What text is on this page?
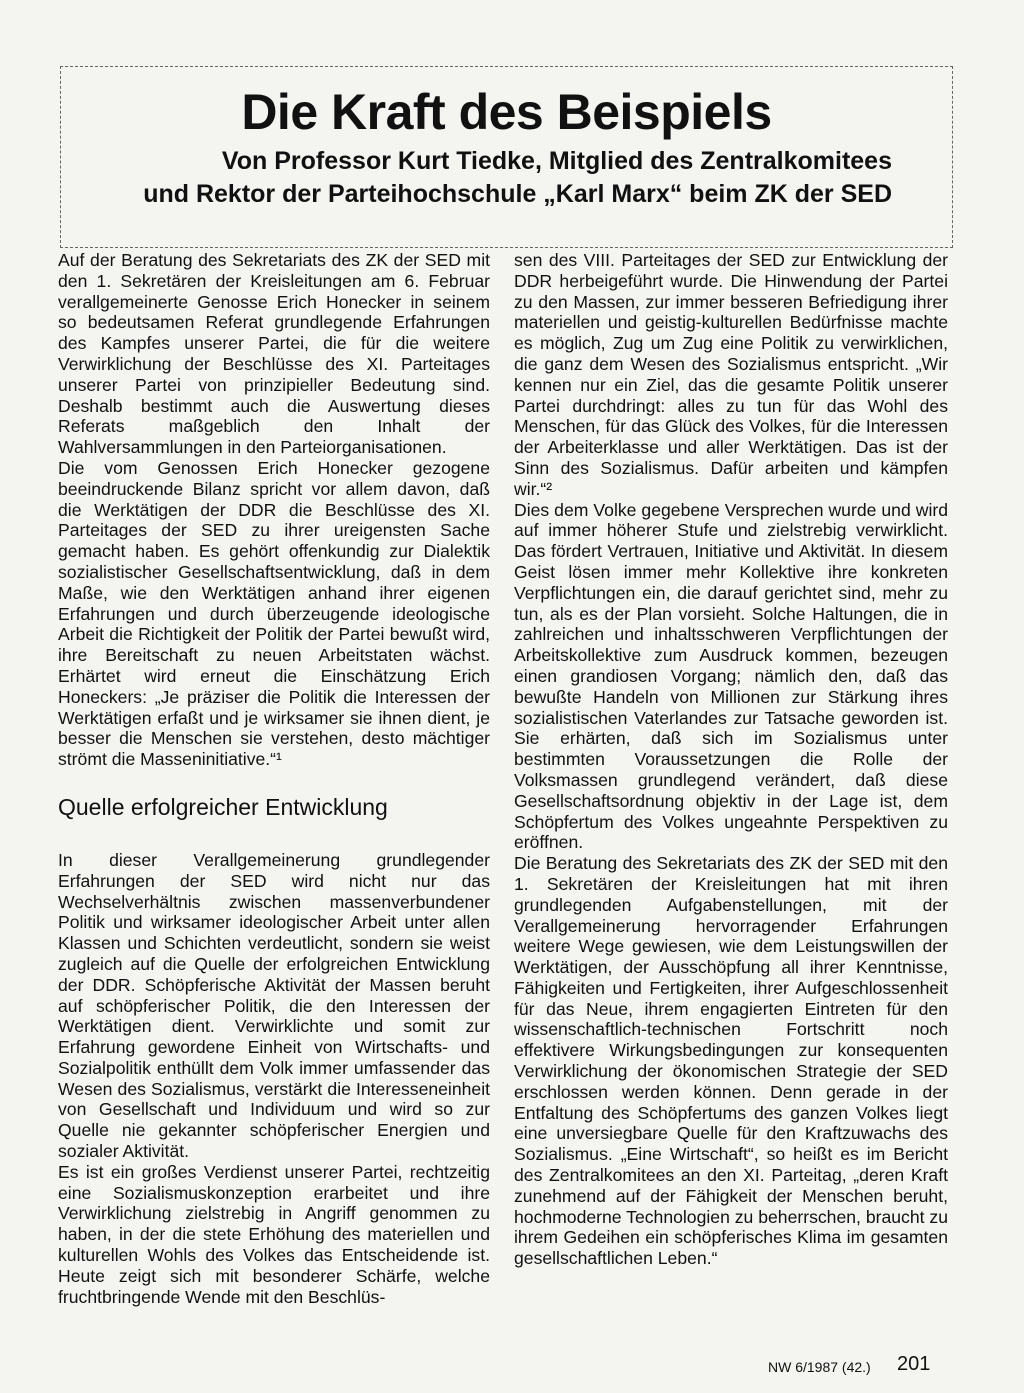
Die Kraft des Beispiels
Von Professor Kurt Tiedke, Mitglied des Zentralkomitees
und Rektor der Parteihochschule „Karl Marx“ beim ZK der SED

Auf der Beratung des Sekretariats des ZK der SED mit den 1. Sekretären der Kreisleitungen am 6. Februar verallgemeinerte Genosse Erich Honecker in seinem so bedeutsamen Referat grundlegende Erfahrungen des Kampfes unserer Partei, die für die weitere Verwirklichung der Beschlüsse des XI. Parteitages unserer Partei von prinzipieller Bedeutung sind. Deshalb bestimmt auch die Auswertung dieses Referats maßgeblich den Inhalt der Wahlversammlungen in den Parteiorganisationen.

Die vom Genossen Erich Honecker gezogene beeindruckende Bilanz spricht vor allem davon, daß die Werktätigen der DDR die Beschlüsse des XI. Parteitages der SED zu ihrer ureigensten Sache gemacht haben. Es gehört offenkundig zur Dialektik sozialistischer Gesellschaftsentwicklung, daß in dem Maße, wie den Werktätigen anhand ihrer eigenen Erfahrungen und durch überzeugende ideologische Arbeit die Richtigkeit der Politik der Partei bewußt wird, ihre Bereitschaft zu neuen Arbeitstaten wächst. Erhärtet wird erneut die Einschätzung Erich Honeckers: „Je präziser die Politik die Interessen der Werktätigen erfaßt und je wirksamer sie ihnen dient, je besser die Menschen sie verstehen, desto mächtiger strömt die Masseninitiative.“¹

Quelle erfolgreicher Entwicklung

In dieser Verallgemeinerung grundlegender Erfahrungen der SED wird nicht nur das Wechselverhältnis zwischen massenverbundener Politik und wirksamer ideologischer Arbeit unter allen Klassen und Schichten verdeutlicht, sondern sie weist zugleich auf die Quelle der erfolgreichen Entwicklung der DDR. Schöpferische Aktivität der Massen beruht auf schöpferischer Politik, die den Interessen der Werktätigen dient. Verwirklichte und somit zur Erfahrung gewordene Einheit von Wirtschafts- und Sozialpolitik enthüllt dem Volk immer umfassender das Wesen des Sozialismus, verstärkt die Interesseneinheit von Gesellschaft und Individuum und wird so zur Quelle nie gekannter schöpferischer Energien und sozialer Aktivität.

Es ist ein großes Verdienst unserer Partei, rechtzeitig eine Sozialismuskonzeption erarbeitet und ihre Verwirklichung zielstrebig in Angriff genommen zu haben, in der die stete Erhöhung des materiellen und kulturellen Wohls des Volkes das Entscheidende ist. Heute zeigt sich mit besonderer Schärfe, welche fruchtbringende Wende mit den Beschlüs-

sen des VIII. Parteitages der SED zur Entwicklung der DDR herbeigeführt wurde. Die Hinwendung der Partei zu den Massen, zur immer besseren Befriedigung ihrer materiellen und geistig-kulturellen Bedürfnisse machte es möglich, Zug um Zug eine Politik zu verwirklichen, die ganz dem Wesen des Sozialismus entspricht. „Wir kennen nur ein Ziel, das die gesamte Politik unserer Partei durchdringt: alles zu tun für das Wohl des Menschen, für das Glück des Volkes, für die Interessen der Arbeiterklasse und aller Werktätigen. Das ist der Sinn des Sozialismus. Dafür arbeiten und kämpfen wir.“²

Dies dem Volke gegebene Versprechen wurde und wird auf immer höherer Stufe und zielstrebig verwirklicht. Das fördert Vertrauen, Initiative und Aktivität. In diesem Geist lösen immer mehr Kollektive ihre konkreten Verpflichtungen ein, die darauf gerichtet sind, mehr zu tun, als es der Plan vorsieht. Solche Haltungen, die in zahlreichen und inhaltsschweren Verpflichtungen der Arbeitskollektive zum Ausdruck kommen, bezeugen einen grandiosen Vorgang; nämlich den, daß das bewußte Handeln von Millionen zur Stärkung ihres sozialistischen Vaterlandes zur Tatsache geworden ist. Sie erhärten, daß sich im Sozialismus unter bestimmten Voraussetzungen die Rolle der Volksmassen grundlegend verändert, daß diese Gesellschaftsordnung objektiv in der Lage ist, dem Schöpfertum des Volkes ungeahnte Perspektiven zu eröffnen.

Die Beratung des Sekretariats des ZK der SED mit den 1. Sekretären der Kreisleitungen hat mit ihren grundlegenden Aufgabenstellungen, mit der Verallgemeinerung hervorragender Erfahrungen weitere Wege gewiesen, wie dem Leistungswillen der Werktätigen, der Ausschöpfung all ihrer Kenntnisse, Fähigkeiten und Fertigkeiten, ihrer Aufgeschlossenheit für das Neue, ihrem engagierten Eintreten für den wissenschaftlich-technischen Fortschritt noch effektivere Wirkungsbedingungen zur konsequenten Verwirklichung der ökonomischen Strategie der SED erschlossen werden können. Denn gerade in der Entfaltung des Schöpfertums des ganzen Volkes liegt eine unversiegbare Quelle für den Kraftzuwachs des Sozialismus. „Eine Wirtschaft“, so heißt es im Bericht des Zentralkomitees an den XI. Parteitag, „deren Kraft zunehmend auf der Fähigkeit der Menschen beruht, hochmoderne Technologien zu beherrschen, braucht zu ihrem Gedeihen ein schöpferisches Klima im gesamten gesellschaftlichen Leben.“

NW 6/1987 (42.) 201
